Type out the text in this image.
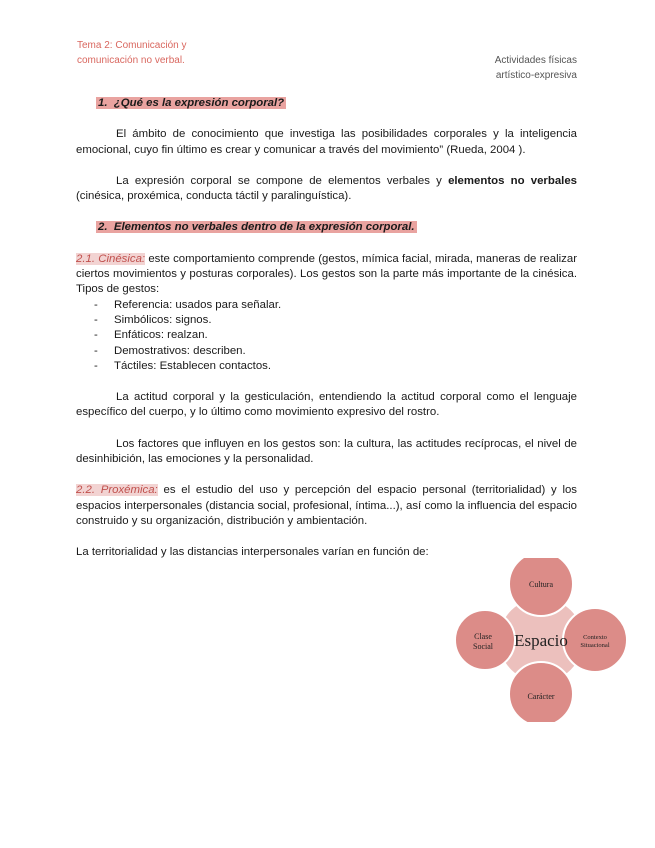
Tema 2: Comunicación y
comunicación no verbal.	Actividades físicas
artístico-expresiva
1. ¿Qué es la expresión corporal?

El ámbito de conocimiento que investiga las posibilidades corporales y la inteligencia emocional, cuyo fin último es crear y comunicar a través del movimiento” (Rueda, 2004 ).

La expresión corporal se compone de elementos verbales y elementos no verbales (cinésica, proxémica, conducta táctil y paralinguística).

2. Elementos no verbales dentro de la expresión corporal.

2.1. Cinésica: este comportamiento comprende (gestos, mímica facial, mirada, maneras de realizar ciertos movimientos y posturas corporales). Los gestos son la parte más importante de la cinésica. Tipos de gestos:

- Referencia: usados para señalar.
- Simbólicos: signos.
- Enfáticos: realzan.
- Demostrativos: describen.
- Táctiles: Establecen contactos.

La actitud corporal y la gesticulación, entendiendo la actitud corporal como el lenguaje específico del cuerpo, y lo último como movimiento expresivo del rostro.

Los factores que influyen en los gestos son: la cultura, las actitudes recíprocas, el nivel de desinhibición, las emociones y la personalidad.

2.2. Proxémica: es el estudio del uso y percepción del espacio personal (territorialidad) y los espacios interpersonales (distancia social, profesional, íntima...), así como la influencia del espacio construido y su organización, distribución y ambientación.

La territorialidad y las distancias interpersonales varían en función de:

Espacio
Cultura
Contexto
Situacional
Carácter
Clase
Social
